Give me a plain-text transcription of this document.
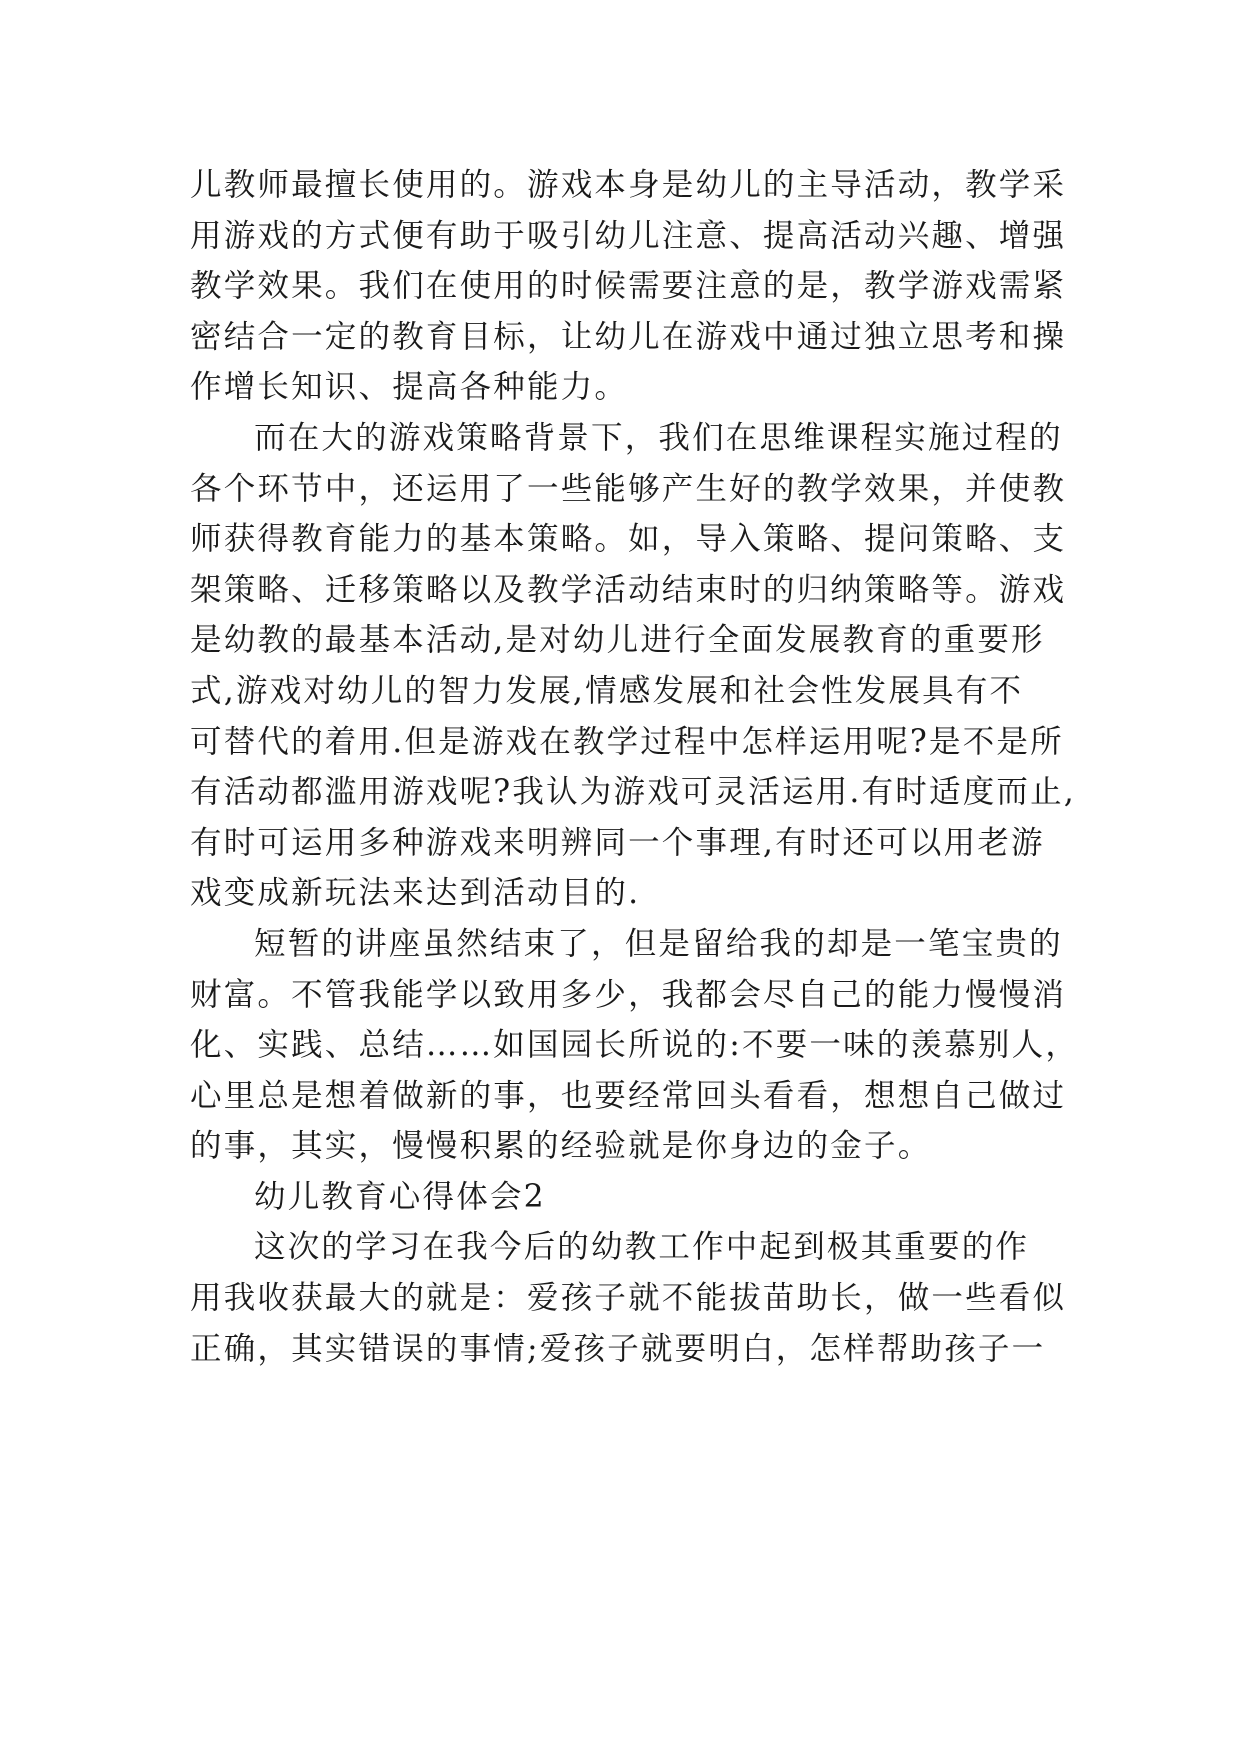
儿教师最擅长使用的。游戏本身是幼儿的主导活动，教学采
用游戏的方式便有助于吸引幼儿注意、提高活动兴趣、增强
教学效果。我们在使用的时候需要注意的是，教学游戏需紧
密结合一定的教育目标，让幼儿在游戏中通过独立思考和操
作增长知识、提高各种能力。
而在大的游戏策略背景下，我们在思维课程实施过程的
各个环节中，还运用了一些能够产生好的教学效果，并使教
师获得教育能力的基本策略。如，导入策略、提问策略、支
架策略、迁移策略以及教学活动结束时的归纳策略等。游戏
是幼教的最基本活动,是对幼儿进行全面发展教育的重要形
式,游戏对幼儿的智力发展,情感发展和社会性发展具有不
可替代的着用.但是游戏在教学过程中怎样运用呢?是不是所
有活动都滥用游戏呢?我认为游戏可灵活运用.有时适度而止,
有时可运用多种游戏来明辨同一个事理,有时还可以用老游
戏变成新玩法来达到活动目的.
短暂的讲座虽然结束了，但是留给我的却是一笔宝贵的
财富。不管我能学以致用多少，我都会尽自己的能力慢慢消
化、实践、总结……如国园长所说的:不要一味的羡慕别人，
心里总是想着做新的事，也要经常回头看看，想想自己做过
的事，其实，慢慢积累的经验就是你身边的金子。
幼儿教育心得体会2
这次的学习在我今后的幼教工作中起到极其重要的作
用我收获最大的就是：爱孩子就不能拔苗助长，做一些看似
正确，其实错误的事情;爱孩子就要明白，怎样帮助孩子一
